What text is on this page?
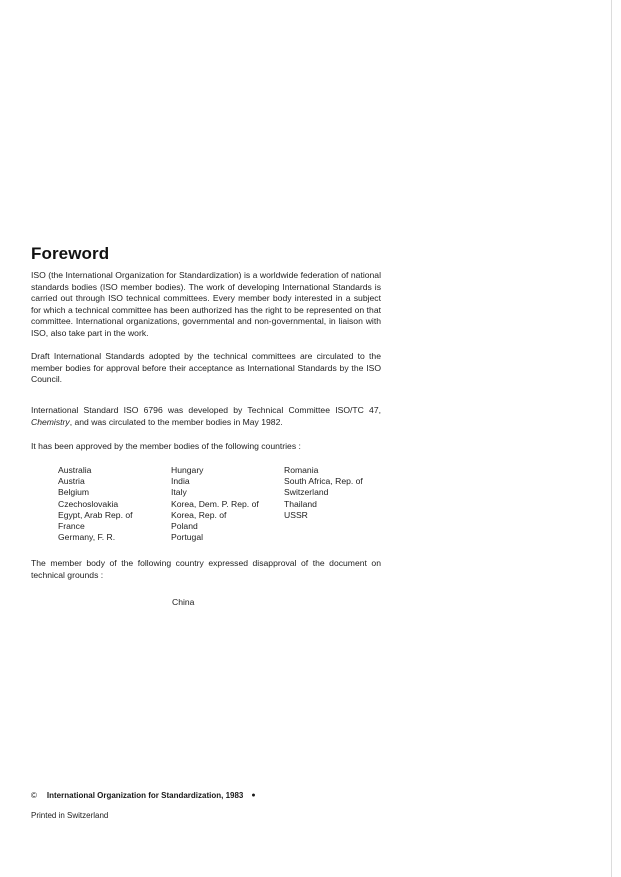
Foreword

ISO (the International Organization for Standardization) is a worldwide federation of national standards bodies (ISO member bodies). The work of developing International Standards is carried out through ISO technical committees. Every member body interested in a subject for which a technical committee has been authorized has the right to be represented on that committee. International organizations, governmental and non-governmental, in liaison with ISO, also take part in the work.

Draft International Standards adopted by the technical committees are circulated to the member bodies for approval before their acceptance as International Standards by the ISO Council.

International Standard ISO 6796 was developed by Technical Committee ISO/TC 47, Chemistry, and was circulated to the member bodies in May 1982.

It has been approved by the member bodies of the following countries :

Australia
Austria
Belgium
Czechoslovakia
Egypt, Arab Rep. of
France
Germany, F. R.
Hungary
India
Italy
Korea, Dem. P. Rep. of
Korea, Rep. of
Poland
Portugal
Romania
South Africa, Rep. of
Switzerland
Thailand
USSR

The member body of the following country expressed disapproval of the document on technical grounds :

China
© International Organization for Standardization, 1983 ●
Printed in Switzerland
